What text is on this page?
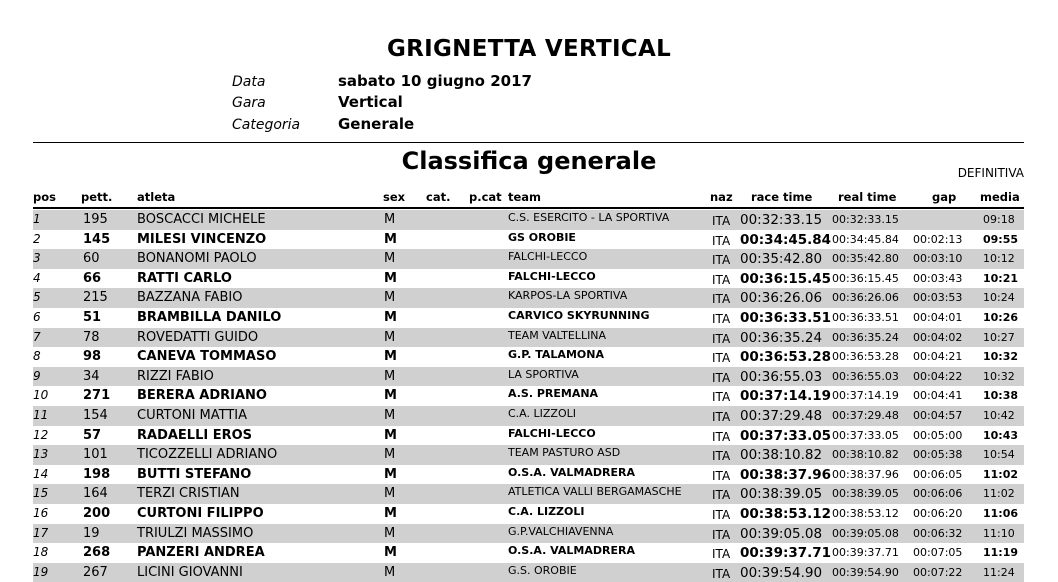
GRIGNETTA VERTICAL
Data	sabato 10 giugno 2017
Gara	Vertical
Categoria	Generale
Classifica generale	DEFINITIVA
pos pett. atleta	sex cat. p.cat team	naz race time real time	gap media
1	195 BOSCACCI MICHELE	M	C.S. ESERCITO - LA SPORTIVA	ITA 00:32:33.15 00:32:33.15	09:18
2	145 MILESI VINCENZO	M	GS OROBIE	ITA 00:34:45.84 00:34:45.84 00:02:13 09:55
3	60	BONANOMI PAOLO	M	FALCHI-LECCO	ITA 00:35:42.80 00:35:42.80 00:03:10 10:12
4	66	RATTI CARLO	M	FALCHI-LECCO	ITA 00:36:15.45 00:36:15.45 00:03:43 10:21
5	215 BAZZANA FABIO	M	KARPOS-LA SPORTIVA	ITA 00:36:26.06 00:36:26.06 00:03:53 10:24
6	51	BRAMBILLA DANILO	M	CARVICO SKYRUNNING	ITA 00:36:33.51 00:36:33.51 00:04:01 10:26
7	78	ROVEDATTI GUIDO	M	TEAM VALTELLINA	ITA 00:36:35.24 00:36:35.24 00:04:02 10:27
8	98	CANEVA TOMMASO	M	G.P. TALAMONA	ITA 00:36:53.28 00:36:53.28 00:04:21 10:32
9	34	RIZZI FABIO	M	LA SPORTIVA	ITA 00:36:55.03 00:36:55.03 00:04:22 10:32
10	271 BERERA ADRIANO	M	A.S. PREMANA	ITA 00:37:14.19 00:37:14.19 00:04:41 10:38
11	154 CURTONI MATTIA	M	C.A. LIZZOLI	ITA 00:37:29.48 00:37:29.48 00:04:57 10:42
12	57	RADAELLI EROS	M	FALCHI-LECCO	ITA 00:37:33.05 00:37:33.05 00:05:00 10:43
13	101 TICOZZELLI ADRIANO	M	TEAM PASTURO ASD	ITA 00:38:10.82 00:38:10.82 00:05:38 10:54
14	198 BUTTI STEFANO	M	O.S.A. VALMADRERA	ITA 00:38:37.96 00:38:37.96 00:06:05 11:02
15	164 TERZI CRISTIAN	M	ATLETICA VALLI BERGAMASCHE	ITA 00:38:39.05 00:38:39.05 00:06:06 11:02
16	200 CURTONI FILIPPO	M	C.A. LIZZOLI	ITA 00:38:53.12 00:38:53.12 00:06:20 11:06
17	19	TRIULZI MASSIMO	M	G.P.VALCHIAVENNA	ITA 00:39:05.08 00:39:05.08 00:06:32 11:10
18	268 PANZERI ANDREA	M	O.S.A. VALMADRERA	ITA 00:39:37.71 00:39:37.71 00:07:05 11:19
19	267 LICINI GIOVANNI	M	G.S. OROBIE	ITA 00:39:54.90 00:39:54.90 00:07:22 11:24
